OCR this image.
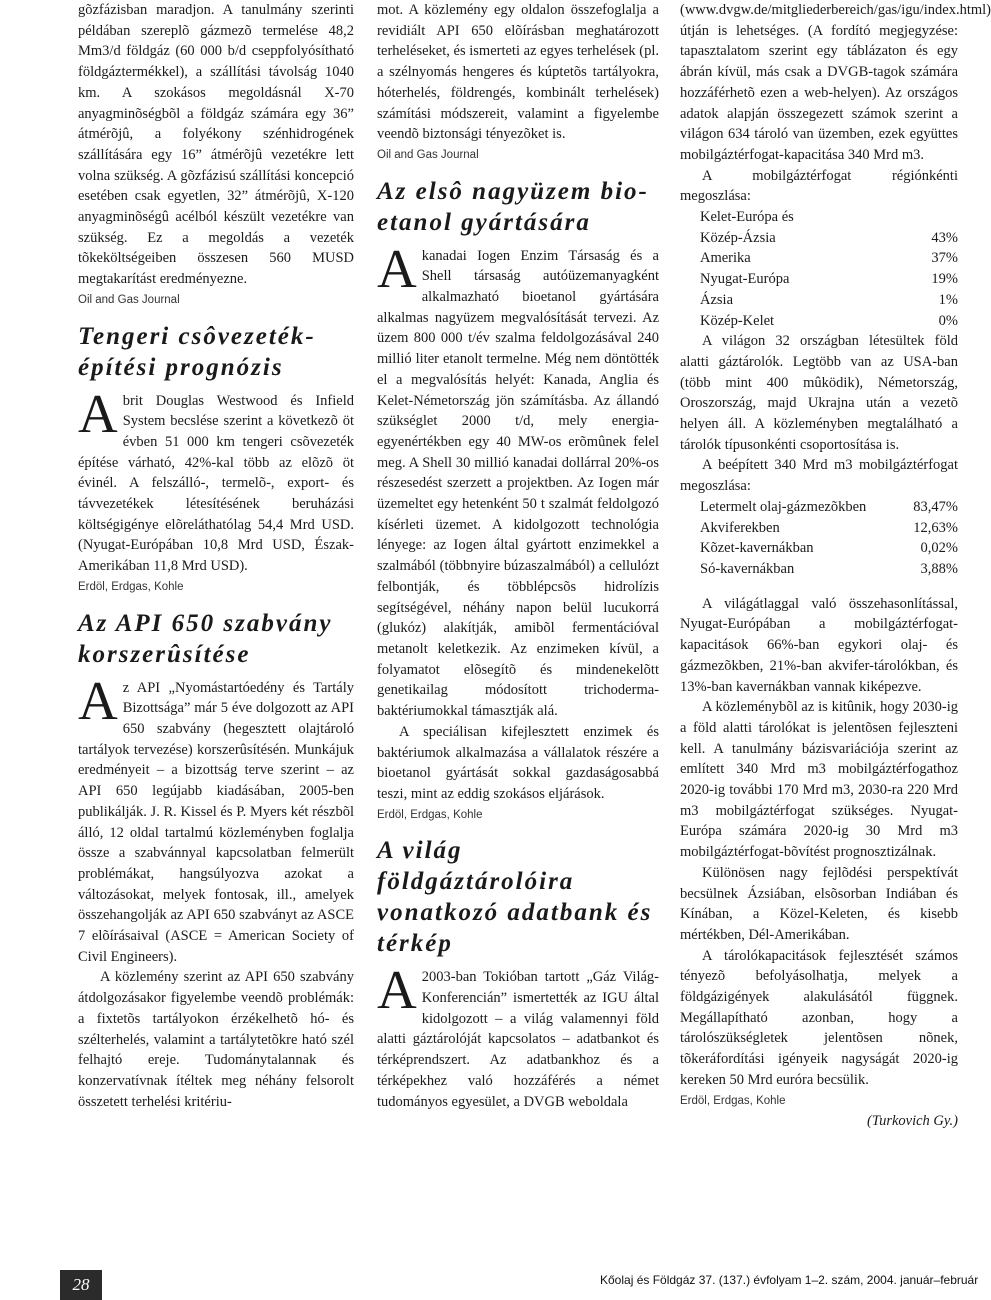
gõzfázisban maradjon. A tanulmány szerinti példában szereplõ gázmezõ termelése 48,2 Mm3/d földgáz (60 000 b/d cseppfolyósítható földgáztermékkel), a szállítási távolság 1040 km. A szokásos megoldásnál X-70 anyagminõségbõl a földgáz számára egy 36” átmérõjû, a folyékony szénhidrogének szállítására egy 16” átmérõjû vezetékre lett volna szükség. A gõzfázisú szállítási koncepció esetében csak egyetlen, 32” átmérõjû, X-120 anyagminõségû acélból készült vezetékre van szükség. Ez a megoldás a vezeték tõkeköltségeiben összesen 560 MUSD megtakarítást eredményezne.

Oil and Gas Journal
Tengeri csôvezeték-építési prognózis

Abrit Douglas Westwood és Infield System becslése szerint a következõ öt évben 51 000 km tengeri csõvezeték építése várható, 42%-kal több az elõzõ öt évinél. A felszálló-, termelõ-, export- és távvezetékek létesítésének beruházási költségigénye elõreláthatólag 54,4 Mrd USD. (Nyugat-Európában 10,8 Mrd USD, Észak-Amerikában 11,8 Mrd USD).

Erdöl, Erdgas, Kohle
Az API 650 szabvány korszerûsítése

Az API „Nyomástartóedény és Tartály Bizottsága” már 5 éve dolgozott az API 650 szabvány (hegesztett olajtároló tartályok tervezése) korszerûsítésén. Munkájuk eredményeit – a bizottság terve szerint – az API 650 legújabb kiadásában, 2005-ben publikálják. J. R. Kissel és P. Myers két részbõl álló, 12 oldal tartalmú közleményben foglalja össze a szabvánnyal kapcsolatban felmerült problémákat, hangsúlyozva azokat a változásokat, melyek fontosak, ill., amelyek összehangolják az API 650 szabványt az ASCE 7 elõírásaival (ASCE = American Society of Civil Engineers).

A közlemény szerint az API 650 szabvány átdolgozásakor figyelembe veendõ problémák: a fixtetõs tartályokon érzékelhetõ hó- és szélterhelés, valamint a tartálytetõkre ható szél felhajtó ereje. Tudománytalannak és konzervatívnak ítéltek meg néhány felsorolt összetett terhelési kritériu-

mot. A közlemény egy oldalon összefoglalja a revidiált API 650 elõírásban meghatározott terheléseket, és ismerteti az egyes terhelések (pl. a szélnyomás hengeres és kúptetõs tartályokra, hóterhelés, földrengés, kombinált terhelések) számítási módszereit, valamint a figyelembe veendõ biztonsági tényezõket is.

Oil and Gas Journal
Az elsô nagyüzem bio-etanol gyártására

Akanadai Iogen Enzim Társaság és a Shell társaság autóüzemanyagként alkalmazható bioetanol gyártására alkalmas nagyüzem megvalósítását tervezi. Az üzem 800 000 t/év szalma feldolgozásával 240 millió liter etanolt termelne. Még nem döntötték el a megvalósítás helyét: Kanada, Anglia és Kelet-Németország jön számításba. Az állandó szükséglet 2000 t/d, mely energia-egyenértékben egy 40 MW-os erõmûnek felel meg. A Shell 30 millió kanadai dollárral 20%-os részesedést szerzett a projektben. Az Iogen már üzemeltet egy hetenként 50 t szalmát feldolgozó kísérleti üzemet. A kidolgozott technológia lényege: az Iogen által gyártott enzimekkel a szalmából (többnyire búzaszalmából) a cellulózt felbontják, és többlépcsõs hidrolízis segítségével, néhány napon belül lucukorrá (glukóz) alakítják, amibõl fermentációval metanolt keletkezik. Az enzimeken kívül, a folyamatot elõsegítõ és mindenekelõtt genetikailag módosított trichoderma-baktériumokkal támasztják alá.

A speciálisan kifejlesztett enzimek és baktériumok alkalmazása a vállalatok részére a bioetanol gyártását sokkal gazdaságosabbá teszi, mint az eddig szokásos eljárások.

Erdöl, Erdgas, Kohle
A világ földgáztárolóira vonatkozó adatbank és térkép

A 2003-ban Tokióban tartott „Gáz Világ-Konferencián” ismertették az IGU által kidolgozott – a világ valamennyi föld alatti gáztárolóját kapcsolatos – adatbankot és térképrendszert. Az adatbankhoz és a térképekhez való hozzáférés a német tudományos egyesület, a DVGB weboldala

(www.dvgw.de/mitgliederbereich/gas/igu/index.html) útján is lehetséges. (A fordító megjegyzése: tapasztalatom szerint egy táblázaton és egy ábrán kívül, más csak a DVGB-tagok számára hozzáférhetõ ezen a web-helyen). Az országos adatok alapján összegezett számok szerint a világon 634 tároló van üzemben, ezek együttes mobilgáztérfogat-kapacitása 340 Mrd m3.

A mobilgáztérfogat régiónkénti megoszlása:

Kelet-Európa és	
Közép-Ázsia	43%
Amerika	37%
Nyugat-Európa	19%
Ázsia	1%
Közép-Kelet	0%

A világon 32 országban létesültek föld alatti gáztárolók. Legtöbb van az USA-ban (több mint 400 mûködik), Németország, Oroszország, majd Ukrajna után a vezetõ helyen áll. A közleményben megtalálható a tárolók típusonkénti csoportosítása is.

A beépített 340 Mrd m3 mobilgáztérfogat megoszlása:

Letermelt olaj-gázmezõkben	83,47%
Akviferekben	12,63%
Kõzet-kavernákban	0,02%
Só-kavernákban	3,88%

A világátlaggal való összehasonlítással, Nyugat-Európában a mobilgáztérfogat-kapacitások 66%-ban egykori olaj- és gázmezõkben, 21%-ban akvifer-tárolókban, és 13%-ban kavernákban vannak kiképezve.

A közleménybõl az is kitûnik, hogy 2030-ig a föld alatti tárolókat is jelentõsen fejleszteni kell. A tanulmány bázisvariációja szerint az említett 340 Mrd m3 mobilgáztérfogathoz 2020-ig további 170 Mrd m3, 2030-ra 220 Mrd m3 mobilgáztérfogat szükséges. Nyugat-Európa számára 2020-ig 30 Mrd m3 mobilgáztérfogat-bõvítést prognosztizálnak.

Különösen nagy fejlõdési perspektívát becsülnek Ázsiában, elsõsorban Indiában és Kínában, a Közel-Keleten, és kisebb mértékben, Dél-Amerikában.

A tárolókapacitások fejlesztését számos tényezõ befolyásolhatja, melyek a földgázigények alakulásától függnek. Megállapítható azonban, hogy a tárolószükségletek jelentõsen nõnek, tõkeráfordítási igényeik nagyságát 2020-ig kereken 50 Mrd euróra becsülik.

Erdöl, Erdgas, Kohle

(Turkovich Gy.)

28	Kőolaj és Földgáz 37. (137.) évfolyam 1–2. szám, 2004. január–február
